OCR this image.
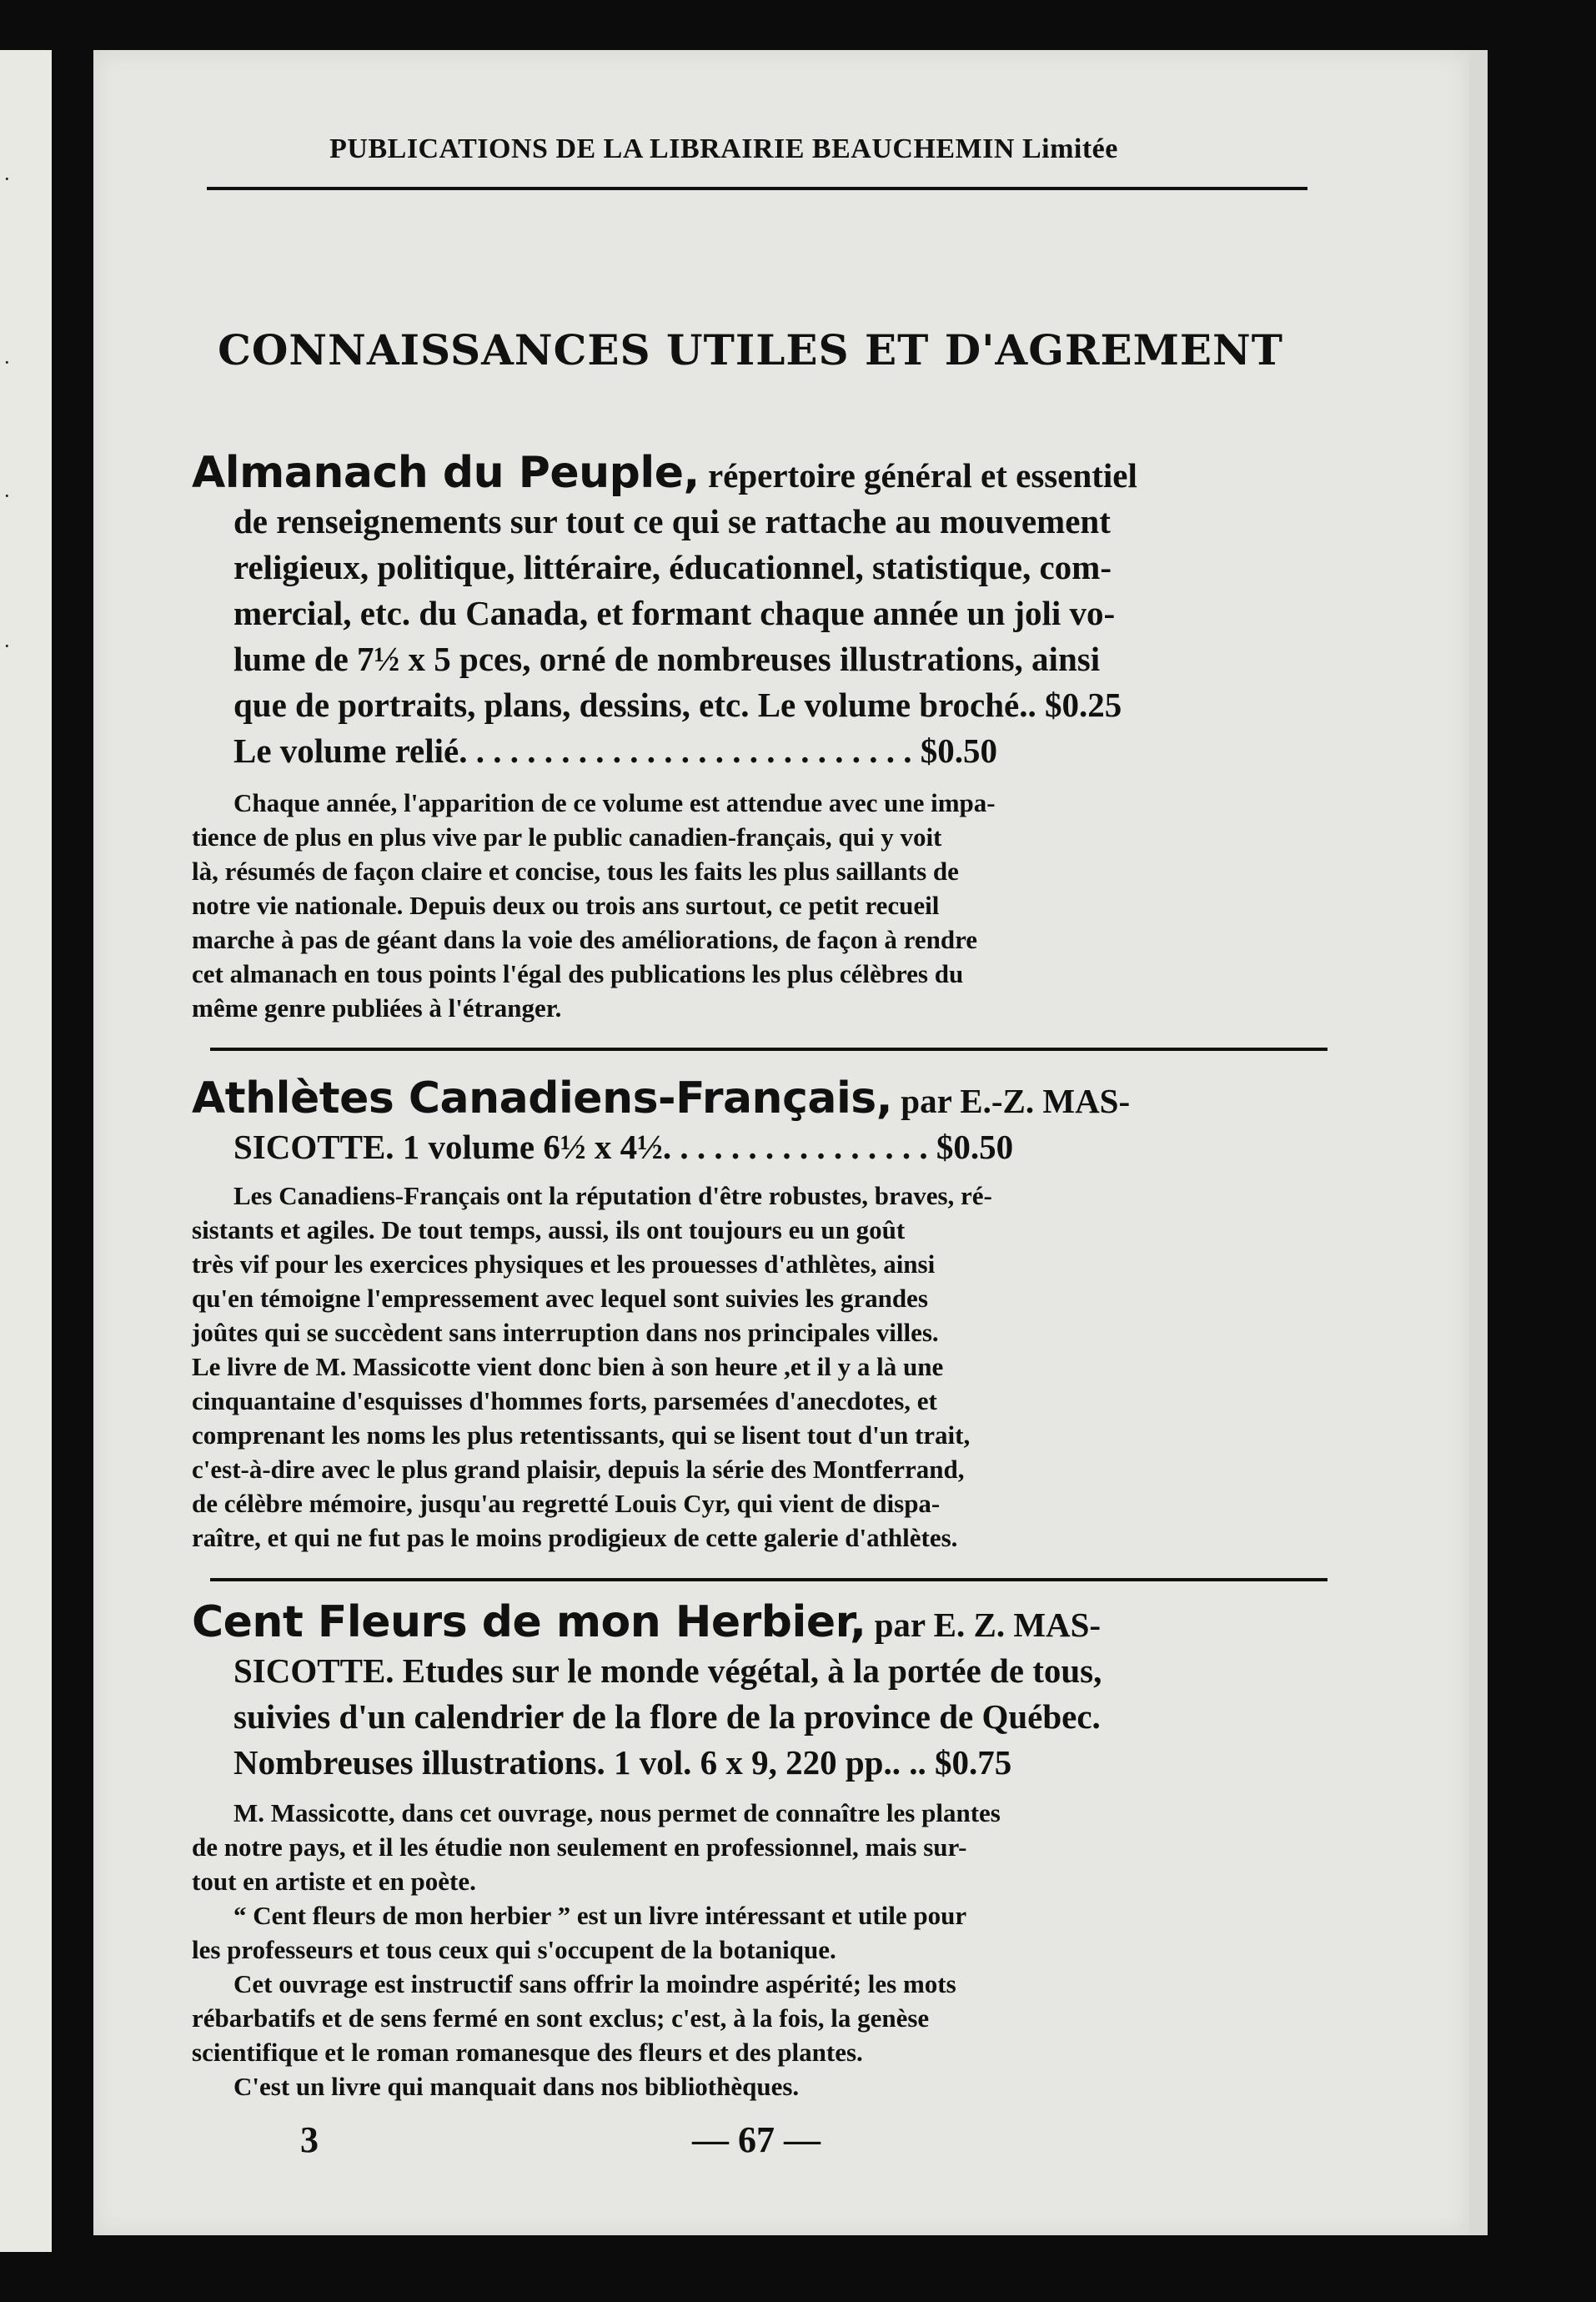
·
·
·
·
PUBLICATIONS DE LA LIBRAIRIE BEAUCHEMIN Limitée
CONNAISSANCES UTILES ET D'AGREMENT
Almanach du Peuple, répertoire général et essentiel
de renseignements sur tout ce qui se rattache au mouvement
religieux, politique, littéraire, éducationnel, statistique, com-
mercial, etc. du Canada, et formant chaque année un joli vo-
lume de 7½ x 5 pces, orné de nombreuses illustrations, ainsi
que de portraits, plans, dessins, etc. Le volume broché.. $0.25
Le volume relié. . . . . . . . . . . . . . . . . . . . . . . . . . . $0.50
Chaque année, l'apparition de ce volume est attendue avec une impa-
tience de plus en plus vive par le public canadien-français, qui y voit
là, résumés de façon claire et concise, tous les faits les plus saillants de
notre vie nationale. Depuis deux ou trois ans surtout, ce petit recueil
marche à pas de géant dans la voie des améliorations, de façon à rendre
cet almanach en tous points l'égal des publications les plus célèbres du
même genre publiées à l'étranger.
Athlètes Canadiens-Français, par E.-Z. MAS-
SICOTTE. 1 volume 6½ x 4½. . . . . . . . . . . . . . . . $0.50
Les Canadiens-Français ont la réputation d'être robustes, braves, ré-
sistants et agiles. De tout temps, aussi, ils ont toujours eu un goût
très vif pour les exercices physiques et les prouesses d'athlètes, ainsi
qu'en témoigne l'empressement avec lequel sont suivies les grandes
joûtes qui se succèdent sans interruption dans nos principales villes.
Le livre de M. Massicotte vient donc bien à son heure ,et il y a là une
cinquantaine d'esquisses d'hommes forts, parsemées d'anecdotes, et
comprenant les noms les plus retentissants, qui se lisent tout d'un trait,
c'est-à-dire avec le plus grand plaisir, depuis la série des Montferrand,
de célèbre mémoire, jusqu'au regretté Louis Cyr, qui vient de dispa-
raître, et qui ne fut pas le moins prodigieux de cette galerie d'athlètes.
Cent Fleurs de mon Herbier, par E. Z. MAS-
SICOTTE. Etudes sur le monde végétal, à la portée de tous,
suivies d'un calendrier de la flore de la province de Québec.
Nombreuses illustrations. 1 vol. 6 x 9, 220 pp.. .. $0.75
M. Massicotte, dans cet ouvrage, nous permet de connaître les plantes
de notre pays, et il les étudie non seulement en professionnel, mais sur-
tout en artiste et en poète.
“ Cent fleurs de mon herbier ” est un livre intéressant et utile pour
les professeurs et tous ceux qui s'occupent de la botanique.
Cet ouvrage est instructif sans offrir la moindre aspérité; les mots
rébarbatifs et de sens fermé en sont exclus; c'est, à la fois, la genèse
scientifique et le roman romanesque des fleurs et des plantes.
C'est un livre qui manquait dans nos bibliothèques.
3	— 67 —
